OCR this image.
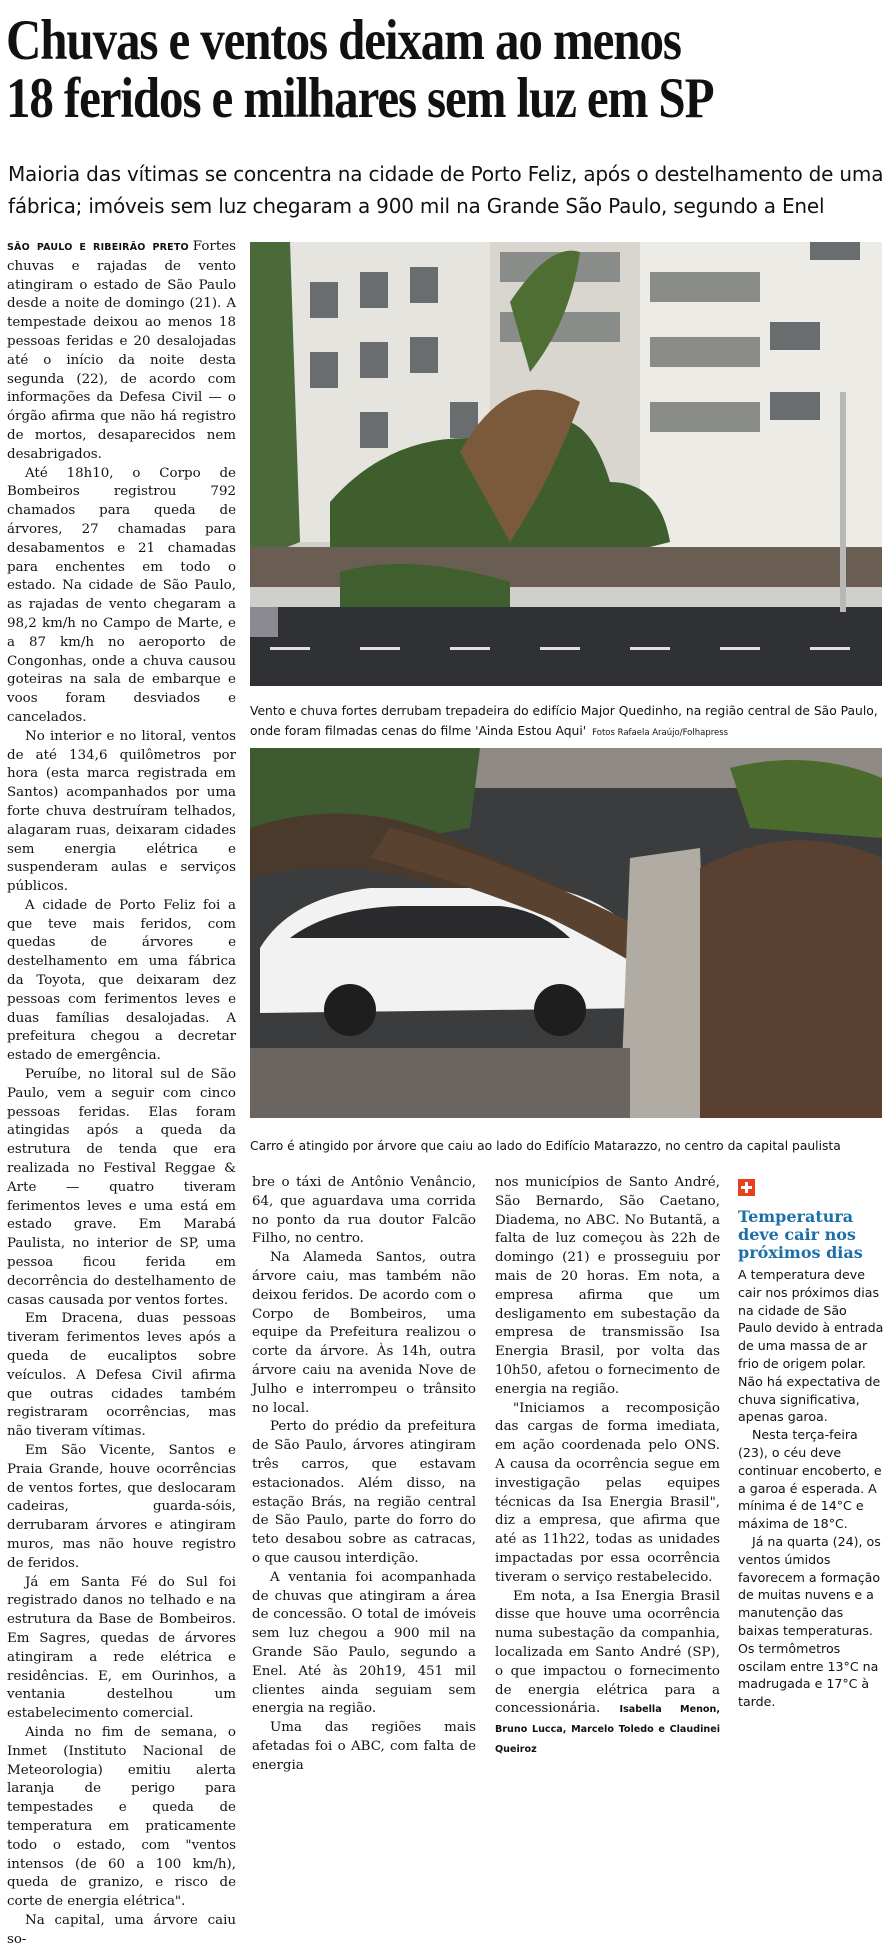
Chuvas e ventos deixam ao menos
18 feridos e milhares sem luz em SP

Maioria das vítimas se concentra na cidade de Porto Feliz, após o destelhamento de uma fábrica; imóveis sem luz chegaram a 900 mil na Grande São Paulo, segundo a Enel

SÃO PAULO E RIBEIRÃO PRETO Fortes chuvas e rajadas de vento atingiram o estado de São Paulo desde a noite de domingo (21). A tempestade deixou ao menos 18 pessoas feridas e 20 desalojadas até o início da noite desta segunda (22), de acordo com informações da Defesa Civil — o órgão afirma que não há registro de mortos, desaparecidos nem desabrigados.

Até 18h10, o Corpo de Bombeiros registrou 792 chamados para queda de árvores, 27 chamadas para desabamentos e 21 chamadas para enchentes em todo o estado. Na cidade de São Paulo, as rajadas de vento chegaram a 98,2 km/h no Campo de Marte, e a 87 km/h no aeroporto de Congonhas, onde a chuva causou goteiras na sala de embarque e voos foram desviados e cancelados.

No interior e no litoral, ventos de até 134,6 quilômetros por hora (esta marca registrada em Santos) acompanhados por uma forte chuva destruíram telhados, alagaram ruas, deixaram cidades sem energia elétrica e suspenderam aulas e serviços públicos.

A cidade de Porto Feliz foi a que teve mais feridos, com quedas de árvores e destelhamento em uma fábrica da Toyota, que deixaram dez pessoas com ferimentos leves e duas famílias desalojadas. A prefeitura chegou a decretar estado de emergência.

Peruíbe, no litoral sul de São Paulo, vem a seguir com cinco pessoas feridas. Elas foram atingidas após a queda da estrutura de tenda que era realizada no Festival Reggae & Arte — quatro tiveram ferimentos leves e uma está em estado grave. Em Marabá Paulista, no interior de SP, uma pessoa ficou ferida em decorrência do destelhamento de casas causada por ventos fortes.

Em Dracena, duas pessoas tiveram ferimentos leves após a queda de eucaliptos sobre veículos. A Defesa Civil afirma que outras cidades também registraram ocorrências, mas não tiveram vítimas.

Em São Vicente, Santos e Praia Grande, houve ocorrências de ventos fortes, que deslocaram cadeiras, guarda-sóis, derrubaram árvores e atingiram muros, mas não houve registro de feridos.

Já em Santa Fé do Sul foi registrado danos no telhado e na estrutura da Base de Bombeiros. Em Sagres, quedas de árvores atingiram a rede elétrica e residências. E, em Ourinhos, a ventania destelhou um estabelecimento comercial.

Ainda no fim de semana, o Inmet (Instituto Nacional de Meteorologia) emitiu alerta laranja de perigo para tempestades e queda de temperatura em praticamente todo o estado, com "ventos intensos (de 60 a 100 km/h), queda de granizo, e risco de corte de energia elétrica".

Na capital, uma árvore caiu so-

Vento e chuva fortes derrubam trepadeira do edifício Major Quedinho, na região central de São Paulo, onde foram filmadas cenas do filme 'Ainda Estou Aqui' Fotos Rafaela Araújo/Folhapress

Carro é atingido por árvore que caiu ao lado do Edifício Matarazzo, no centro da capital paulista

bre o táxi de Antônio Venâncio, 64, que aguardava uma corrida no ponto da rua doutor Falcão Filho, no centro.

Na Alameda Santos, outra árvore caiu, mas também não deixou feridos. De acordo com o Corpo de Bombeiros, uma equipe da Prefeitura realizou o corte da árvore. Às 14h, outra árvore caiu na avenida Nove de Julho e interrompeu o trânsito no local.

Perto do prédio da prefeitura de São Paulo, árvores atingiram três carros, que estavam estacionados. Além disso, na estação Brás, na região central de São Paulo, parte do forro do teto desabou sobre as catracas, o que causou interdição.

A ventania foi acompanhada de chuvas que atingiram a área de concessão. O total de imóveis sem luz chegou a 900 mil na Grande São Paulo, segundo a Enel. Até às 20h19, 451 mil clientes ainda seguiam sem energia na região.

Uma das regiões mais afetadas foi o ABC, com falta de energia

nos municípios de Santo André, São Bernardo, São Caetano, Diadema, no ABC. No Butantã, a falta de luz começou às 22h de domingo (21) e prosseguiu por mais de 20 horas. Em nota, a empresa afirma que um desligamento em subestação da empresa de transmissão Isa Energia Brasil, por volta das 10h50, afetou o fornecimento de energia na região.

"Iniciamos a recomposição das cargas de forma imediata, em ação coordenada pelo ONS. A causa da ocorrência segue em investigação pelas equipes técnicas da Isa Energia Brasil", diz a empresa, que afirma que até as 11h22, todas as unidades impactadas por essa ocorrência tiveram o serviço restabelecido.

Em nota, a Isa Energia Brasil disse que houve uma ocorrência numa subestação da companhia, localizada em Santo André (SP), o que impactou o fornecimento de energia elétrica para a concessionária. Isabella Menon, Bruno Lucca, Marcelo Toledo e Claudinei Queiroz

Temperatura deve cair nos próximos dias

A temperatura deve cair nos próximos dias na cidade de São Paulo devido à entrada de uma massa de ar frio de origem polar. Não há expectativa de chuva significativa, apenas garoa.

Nesta terça-feira (23), o céu deve continuar encoberto, e a garoa é esperada. A mínima é de 14°C e máxima de 18°C.

Já na quarta (24), os ventos úmidos favorecem a formação de muitas nuvens e a manutenção das baixas temperaturas. Os termômetros oscilam entre 13°C na madrugada e 17°C à tarde.
